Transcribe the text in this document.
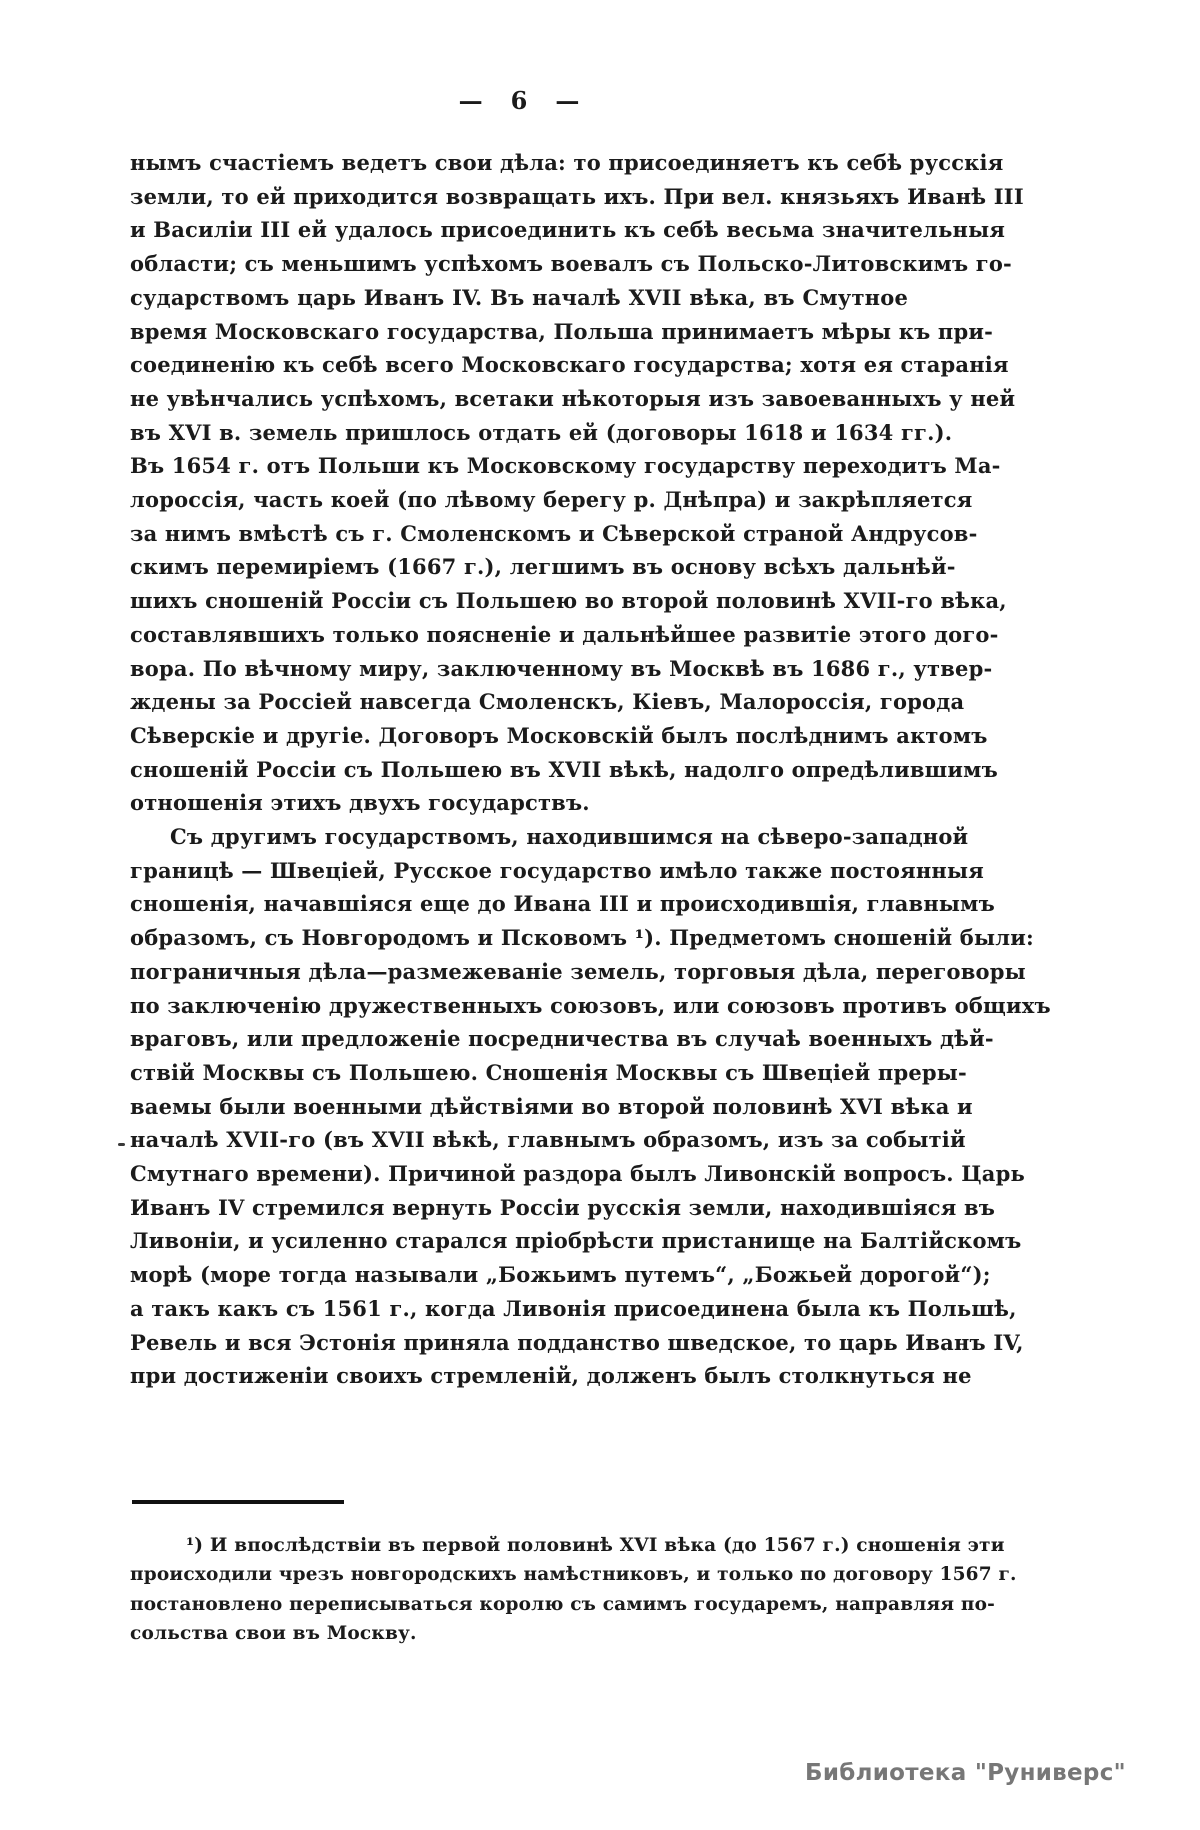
— 6 —
нымъ счастіемъ ведетъ свои дѣла: то присоединяетъ къ себѣ русскія
земли, то ей приходится возвращать ихъ. При вел. князьяхъ Иванѣ III
и Василіи III ей удалось присоединить къ себѣ весьма значительныя
области; съ меньшимъ успѣхомъ воевалъ съ Польско-Литовскимъ го-
сударствомъ царь Иванъ IV. Въ началѣ XVII вѣка, въ Смутное
время Московскаго государства, Польша принимаетъ мѣры къ при-
соединенію къ себѣ всего Московскаго государства; хотя ея старанія
не увѣнчались успѣхомъ, всетаки нѣкоторыя изъ завоеванныхъ у ней
въ XVI в. земель пришлось отдать ей (договоры 1618 и 1634 гг.).
Въ 1654 г. отъ Польши къ Московскому государству переходитъ Ма-
лороссія, часть коей (по лѣвому берегу р. Днѣпра) и закрѣпляется
за нимъ вмѣстѣ съ г. Смоленскомъ и Сѣверской страной Андрусов-
скимъ перемиріемъ (1667 г.), легшимъ въ основу всѣхъ дальнѣй-
шихъ сношеній Россіи съ Польшею во второй половинѣ XVII-го вѣка,
составлявшихъ только поясненіе и дальнѣйшее развитіе этого дого-
вора. По вѣчному миру, заключенному въ Москвѣ въ 1686 г., утвер-
ждены за Россіей навсегда Смоленскъ, Кіевъ, Малороссія, города
Сѣверскіе и другіе. Договоръ Московскій былъ послѣднимъ актомъ
сношеній Россіи съ Польшею въ XVII вѣкѣ, надолго опредѣлившимъ
отношенія этихъ двухъ государствъ.
Съ другимъ государствомъ, находившимся на сѣверо-западной
границѣ — Швеціей, Русское государство имѣло также постоянныя
сношенія, начавшіяся еще до Ивана III и происходившія, главнымъ
образомъ, съ Новгородомъ и Псковомъ ¹). Предметомъ сношеній были:
пограничныя дѣла—размежеваніе земель, торговыя дѣла, переговоры
по заключенію дружественныхъ союзовъ, или союзовъ противъ общихъ
враговъ, или предложеніе посредничества въ случаѣ военныхъ дѣй-
ствій Москвы съ Польшею. Сношенія Москвы съ Швеціей преры-
ваемы были военными дѣйствіями во второй половинѣ XVI вѣка и
началѣ XVII-го (въ XVII вѣкѣ, главнымъ образомъ, изъ за событій
Смутнаго времени). Причиной раздора былъ Ливонскій вопросъ. Царь
Иванъ IV стремился вернуть Россіи русскія земли, находившіяся въ
Ливоніи, и усиленно старался пріобрѣсти пристанище на Балтійскомъ
морѣ (море тогда называли „Божьимъ путемъ“, „Божьей дорогой“);
а такъ какъ съ 1561 г., когда Ливонія присоединена была къ Польшѣ,
Ревель и вся Эстонія приняла подданство шведское, то царь Иванъ IV,
при достиженіи своихъ стремленій, долженъ былъ столкнуться не
¹) И впослѣдствіи въ первой половинѣ XVI вѣка (до 1567 г.) сношенія эти
происходили чрезъ новгородскихъ намѣстниковъ, и только по договору 1567 г.
постановлено переписываться королю съ самимъ государемъ, направляя по-
сольства свои въ Москву.
Библиотека "Руниверс"
